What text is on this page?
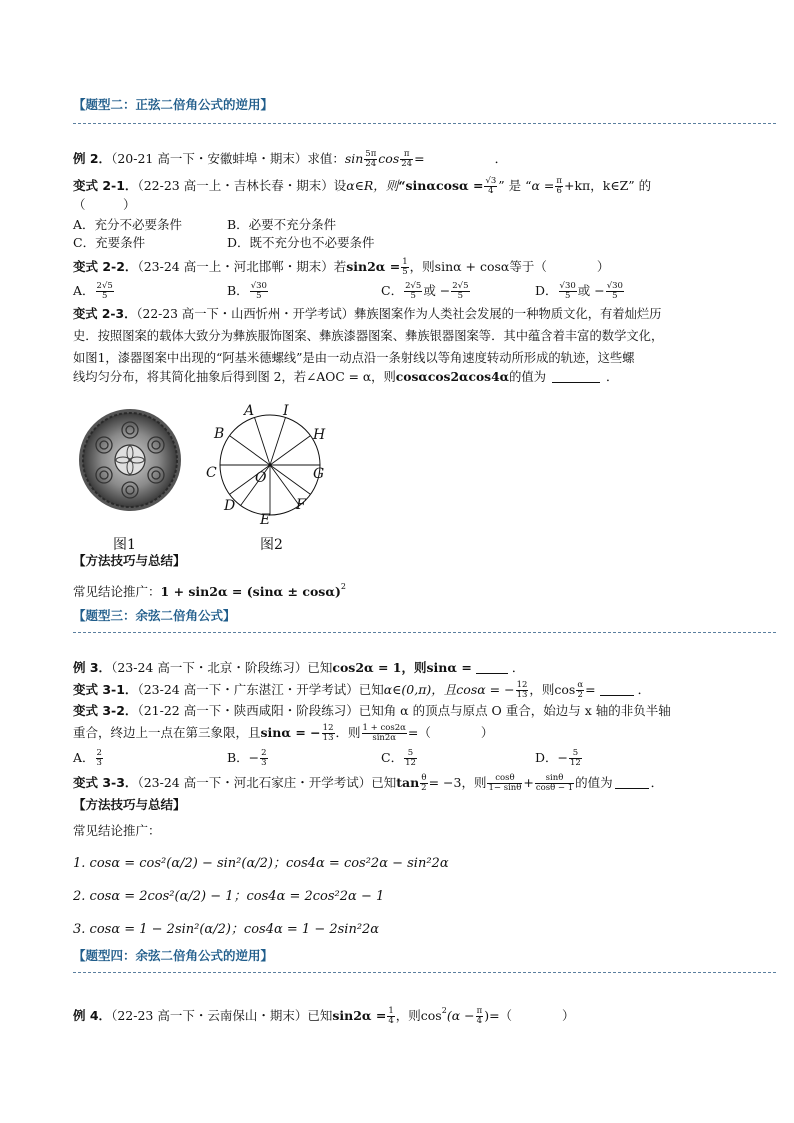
【题型二：正弦二倍角公式的逆用】
例 2．（20-21 高一下・安徽蚌埠・期末）求值：$\sin \frac{5\pi}{24}$ $\cos \frac{\pi}{24}$ =	．
变式 2-1．（22-23 高一上・吉林长春・期末）设α∈R，则“$\sin\alpha\cos\alpha = \frac{√3}{4}$ ” 是 “$\alpha = \frac{\pi}{6} +k\pi$，k∈Z” 的
（　　　）
A．充分不必要条件	B．必要不充分条件
C．充要条件	D．既不充分也不必要条件
变式 2-2．（23-24 高一上・河北邯郸・期末）若$\sin 2\alpha = \frac{1}{5}$ ，则sinα + cosα等于（　　　　）
A． $\frac{2√5}{5}$	B． $\frac{√30}{5}$	C． $\frac{2√5}{5}$ 或 − $\frac{2√5}{5}$	D． $\frac{√30}{5}$ 或 − $\frac{√30}{5}$
变式 2-3．（22-23 高一下・山西忻州・开学考试）彝族图案作为人类社会发展的一种物质文化，有着灿烂历
史．按照图案的载体大致分为彝族服饰图案、彝族漆器图案、彝族银器图案等．其中蕴含着丰富的数学文化，
如图1，漆器图案中出现的“阿基米德螺线”是由一动点沿一条射线以等角速度转动所形成的轨迹，这些螺
线均匀分布，将其简化抽象后得到图 2，若∠AOC = α，则cosαcos2αcos4α的值为	．
图1
A I
B	H
C	G
O
D	F
E
图2
【方法技巧与总结】
常见结论推广：$1 + \sin 2\alpha = (\sin\alpha \pm \cos\alpha)^2$
【题型三：余弦二倍角公式】
例 3．（23-24 高一下・北京・阶段练习）已知cos2α = 1，则sinα =	．
变式 3-1．（23-24 高一下・广东湛江・开学考试）已知α∈(0,π)，且cosα = − $\frac{12}{13}$ ，则$\cos \frac{\alpha}{2}$ =	．
变式 3-2．（21-22 高一下・陕西咸阳・阶段练习）已知角 α 的顶点与原点 O 重合，始边与 x 轴的非负半轴
重合，终边上一点在第三象限，且sinα = − $\frac{12}{13}$ ．则 $\frac{1 + \cos 2\alpha}{\sin 2\alpha}$ =（　　　　）
A． $\frac{2}{3}$	B．− $\frac{2}{3}$	C． $\frac{5}{12}$	D．− $\frac{5}{12}$
变式 3-3．（23-24 高一下・河北石家庄・开学考试）已知$\tan \frac{\theta}{2} = -3$，则 $\frac{\cos\theta}{1- \sin\theta} + \frac{\sin\theta}{\cos\theta - 1}$ 的值为	．
【方法技巧与总结】
常见结论推广：
1. cosα = cos²(α/2) − sin²(α/2)；cos4α = cos²2α − sin²2α
2. cosα = 2cos²(α/2) − 1；cos4α = 2cos²2α − 1
3. cosα = 1 − 2sin²(α/2)；cos4α = 1 − 2sin²2α
【题型四：余弦二倍角公式的逆用】
例 4．（22-23 高一下・云南保山・期末）已知$\sin 2\alpha = \frac{1}{4}$ ，则$\cos^2(\alpha - \frac{\pi}{4}$ )=（　　　　）
